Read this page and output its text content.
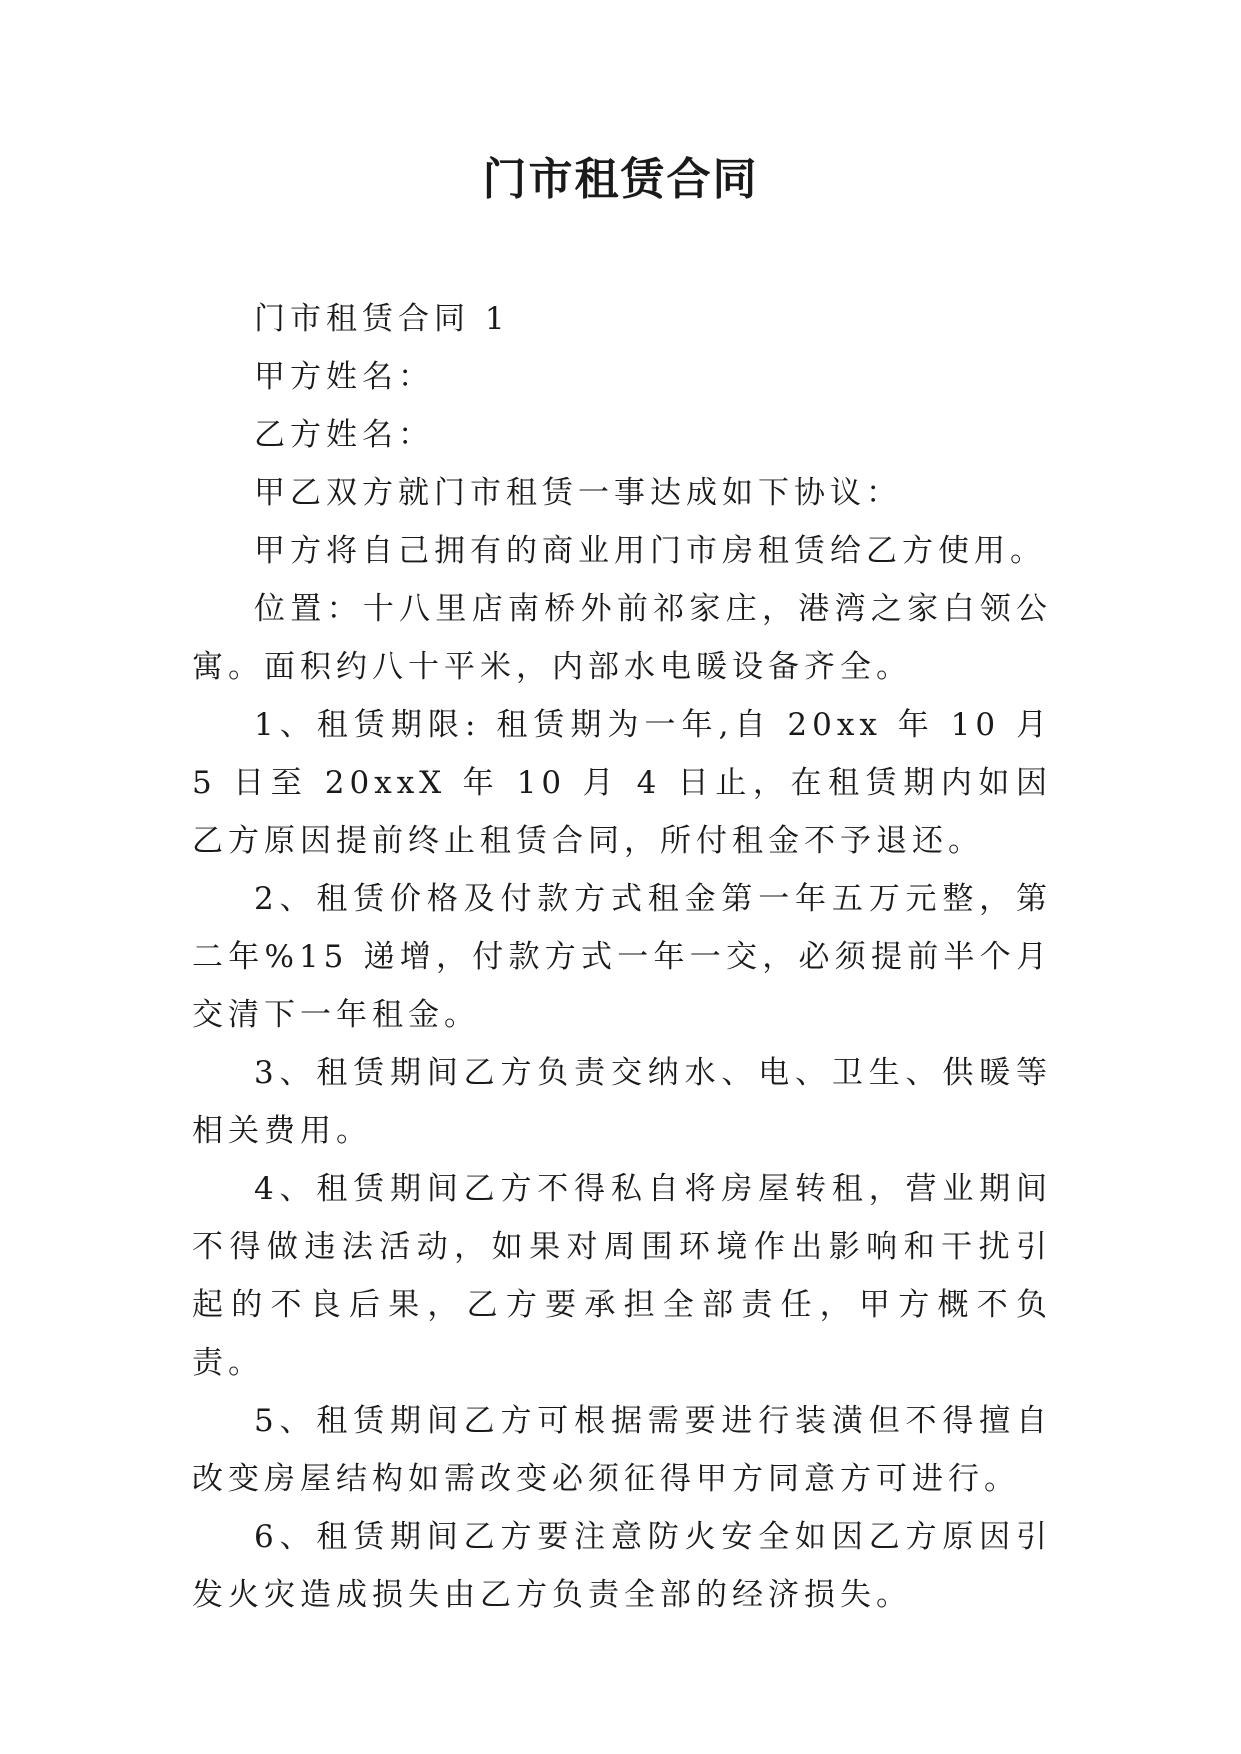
门市租赁合同

门市租赁合同 1

甲方姓名：

乙方姓名：

甲乙双方就门市租赁一事达成如下协议：

甲方将自己拥有的商业用门市房租赁给乙方使用。

位置：十八里店南桥外前祁家庄，港湾之家白领公寓。面积约八十平米，内部水电暖设备齐全。

1、租赁期限: 租赁期为一年,自 20xx 年 10 月 5 日至 20xxX 年 10 月 4 日止，在租赁期内如因乙方原因提前终止租赁合同，所付租金不予退还。

2、租赁价格及付款方式租金第一年五万元整，第二年%15 递增，付款方式一年一交，必须提前半个月交清下一年租金。

3、租赁期间乙方负责交纳水、电、卫生、供暖等相关费用。

4、租赁期间乙方不得私自将房屋转租，营业期间不得做违法活动，如果对周围环境作出影响和干扰引起的不良后果，乙方要承担全部责任，甲方概不负责。

5、租赁期间乙方可根据需要进行装潢但不得擅自改变房屋结构如需改变必须征得甲方同意方可进行。

6、租赁期间乙方要注意防火安全如因乙方原因引发火灾造成损失由乙方负责全部的经济损失。
